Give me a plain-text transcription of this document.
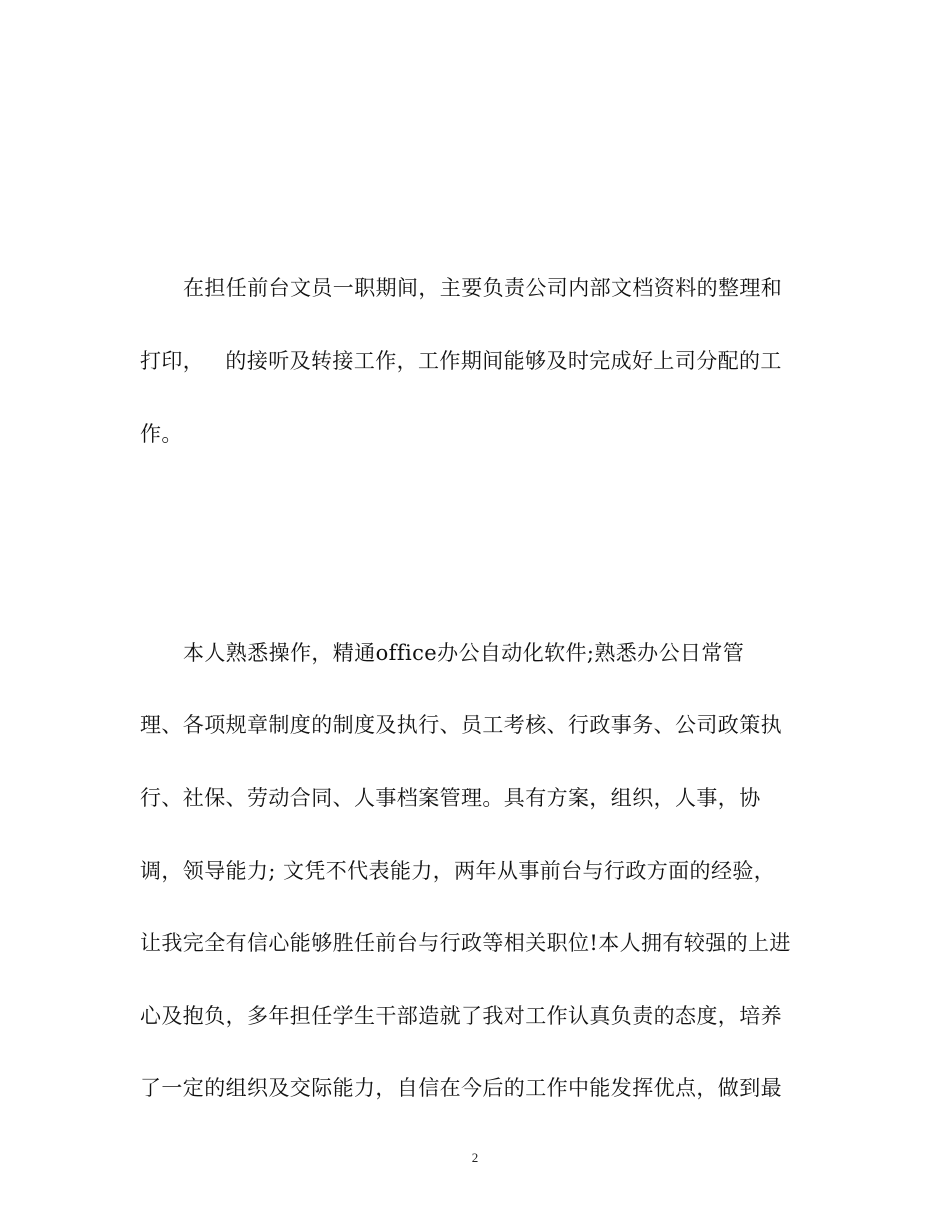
在担任前台文员一职期间，主要负责公司内部文档资料的整理和
打印，   的接听及转接工作，工作期间能够及时完成好上司分配的工
作。
本人熟悉操作，精通office办公自动化软件;熟悉办公日常管
理、各项规章制度的制度及执行、员工考核、行政事务、公司政策执
行、社保、劳动合同、人事档案管理。具有方案，组织，人事，协
调，领导能力; 文凭不代表能力，两年从事前台与行政方面的经验，
让我完全有信心能够胜任前台与行政等相关职位!本人拥有较强的上进
心及抱负，多年担任学生干部造就了我对工作认真负责的态度，培养
了一定的组织及交际能力，自信在今后的工作中能发挥优点，做到最
2
